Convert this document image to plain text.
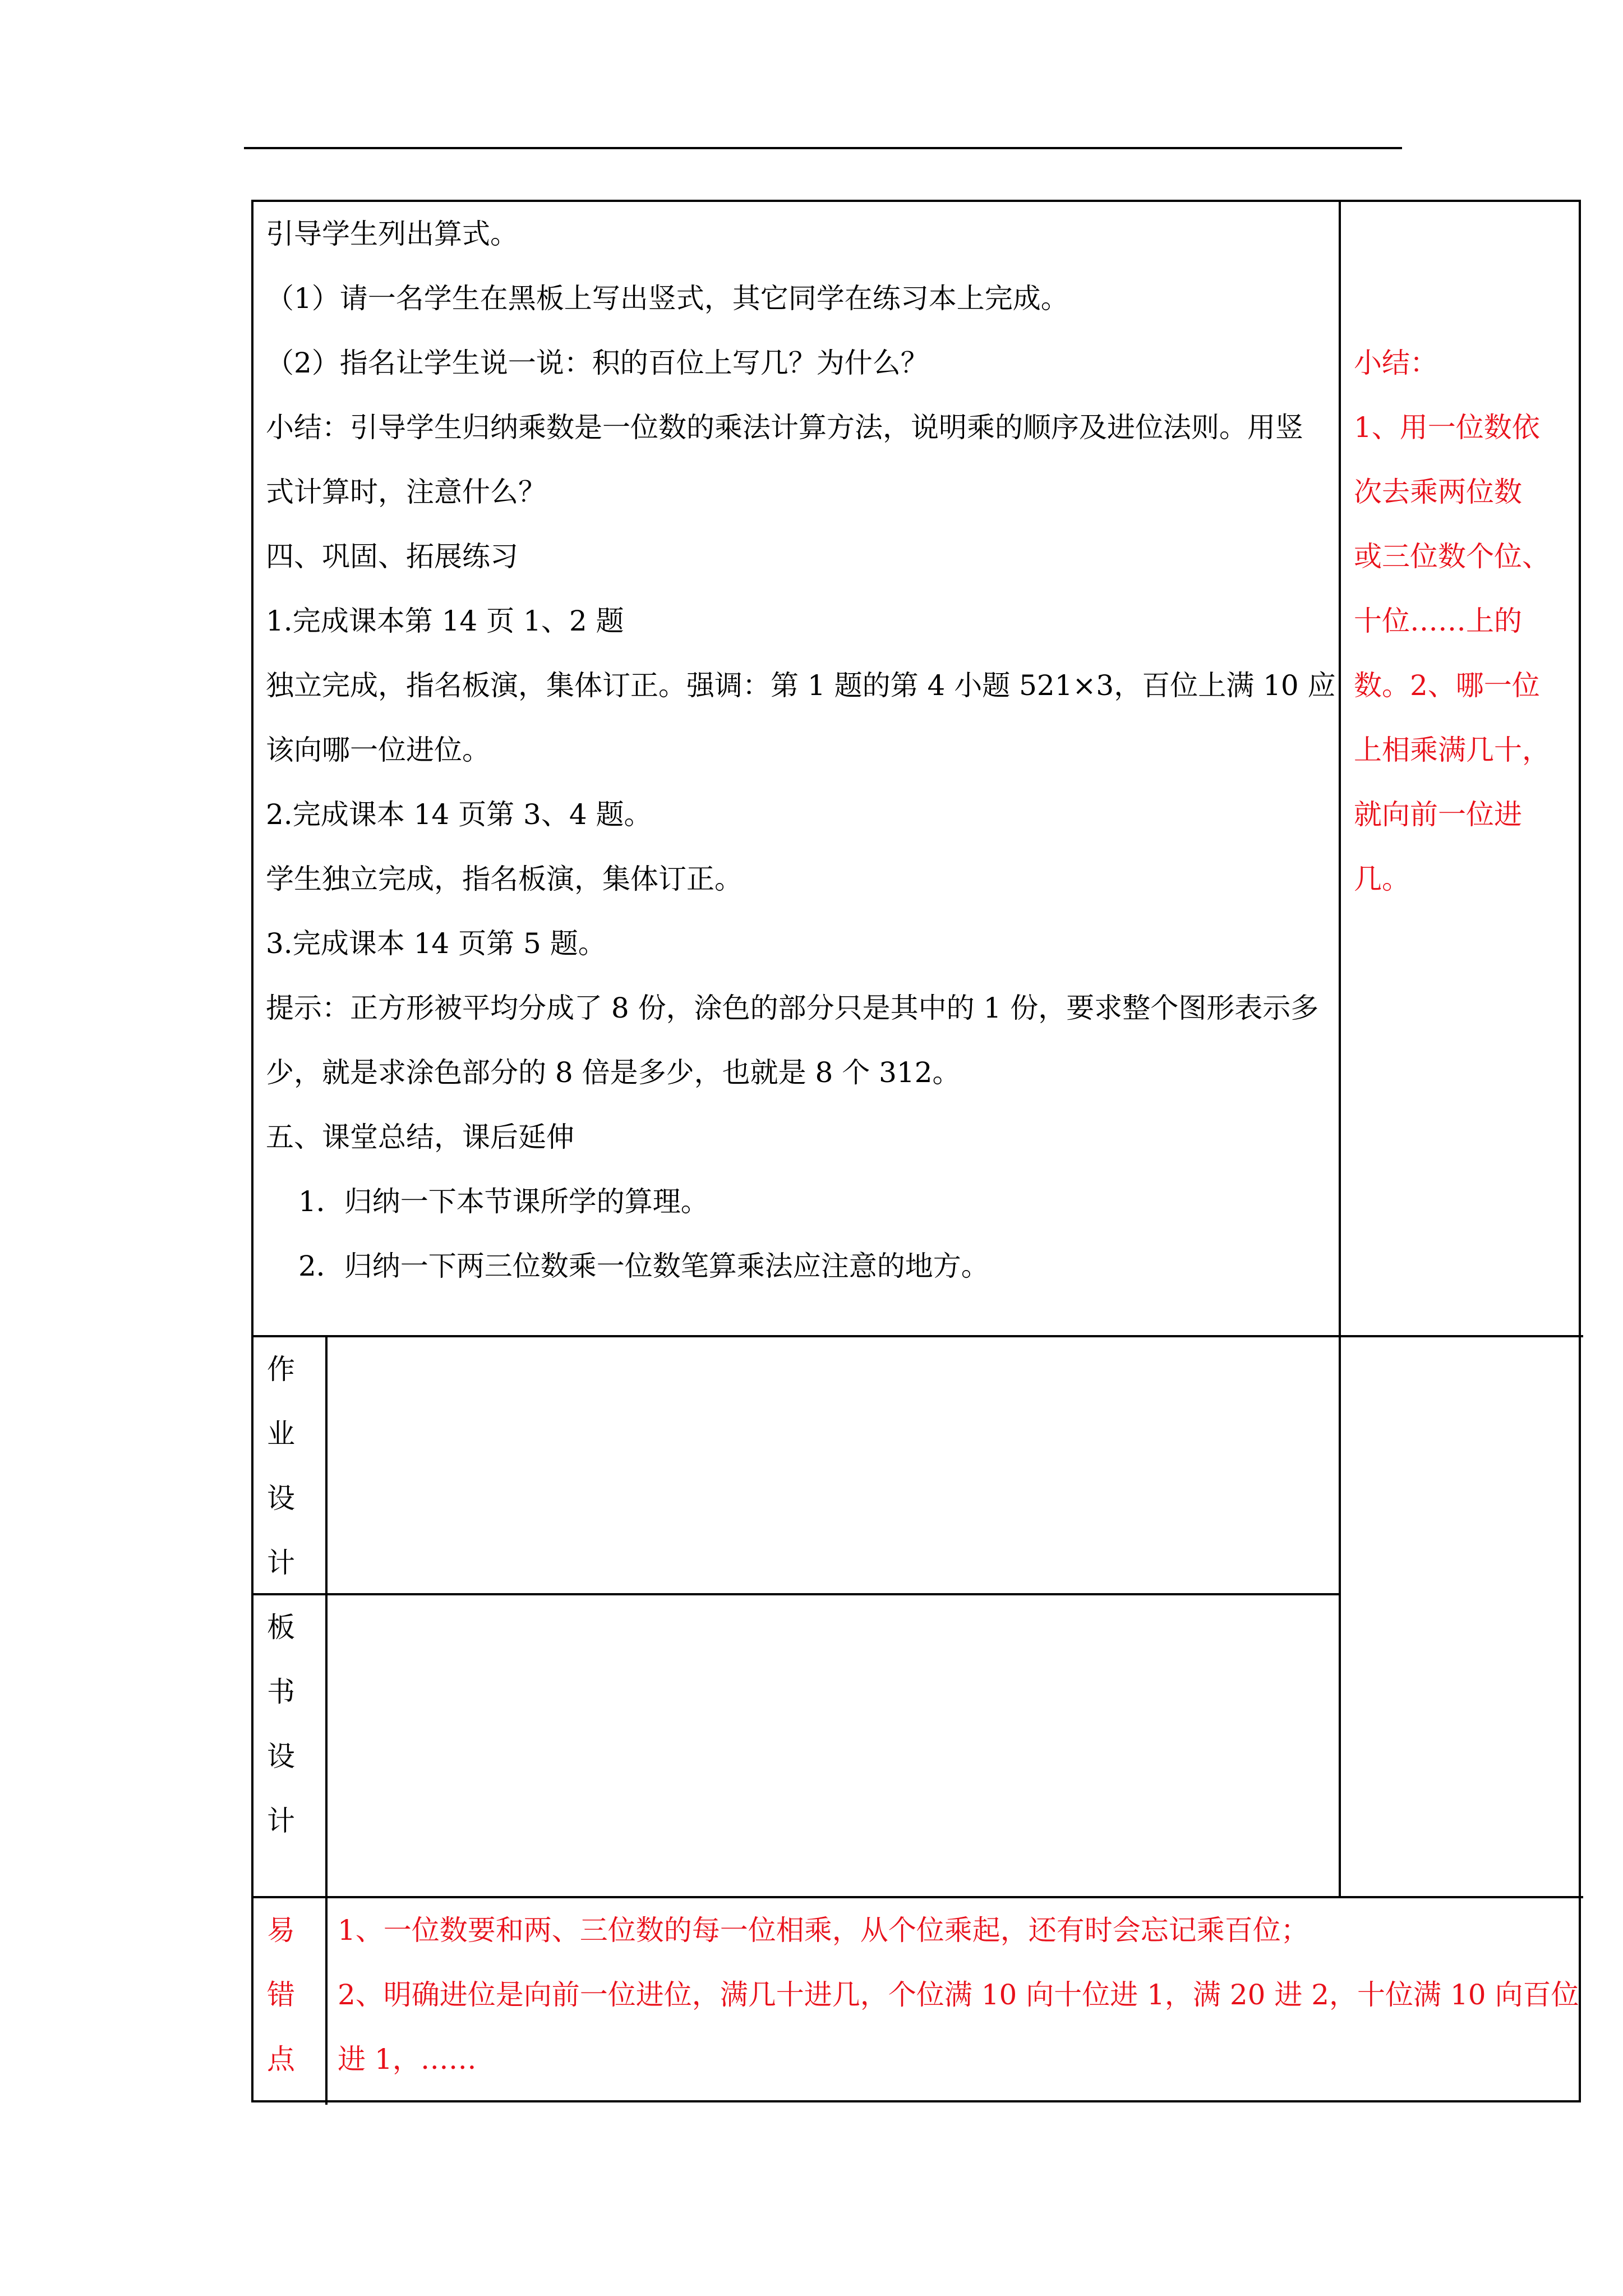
引导学生列出算式。
（1）请一名学生在黑板上写出竖式，其它同学在练习本上完成。
（2）指名让学生说一说：积的百位上写几？为什么？
小结：引导学生归纳乘数是一位数的乘法计算方法，说明乘的顺序及进位法则。用竖
式计算时，注意什么？
四、巩固、拓展练习
1.完成课本第 14 页 1、2 题
独立完成，指名板演，集体订正。强调：第 1 题的第 4 小题 521×3，百位上满 10 应
该向哪一位进位。
2.完成课本 14 页第 3、4 题。
学生独立完成，指名板演，集体订正。
3.完成课本 14 页第 5 题。
提示：正方形被平均分成了 8 份，涂色的部分只是其中的 1 份，要求整个图形表示多
少，就是求涂色部分的 8 倍是多少，也就是 8 个 312。
五、课堂总结，课后延伸
1．归纳一下本节课所学的算理。
2．归纳一下两三位数乘一位数笔算乘法应注意的地方。
小结：
1、用一位数依
次去乘两位数
或三位数个位、
十位……上的
数。2、哪一位
上相乘满几十，
就向前一位进
几。
作
业
设
计
板
书
设
计
易
错
点
1、一位数要和两、三位数的每一位相乘，从个位乘起，还有时会忘记乘百位；
2、明确进位是向前一位进位，满几十进几，个位满 10 向十位进 1，满 20 进 2，十位满 10 向百位
进 1，……
